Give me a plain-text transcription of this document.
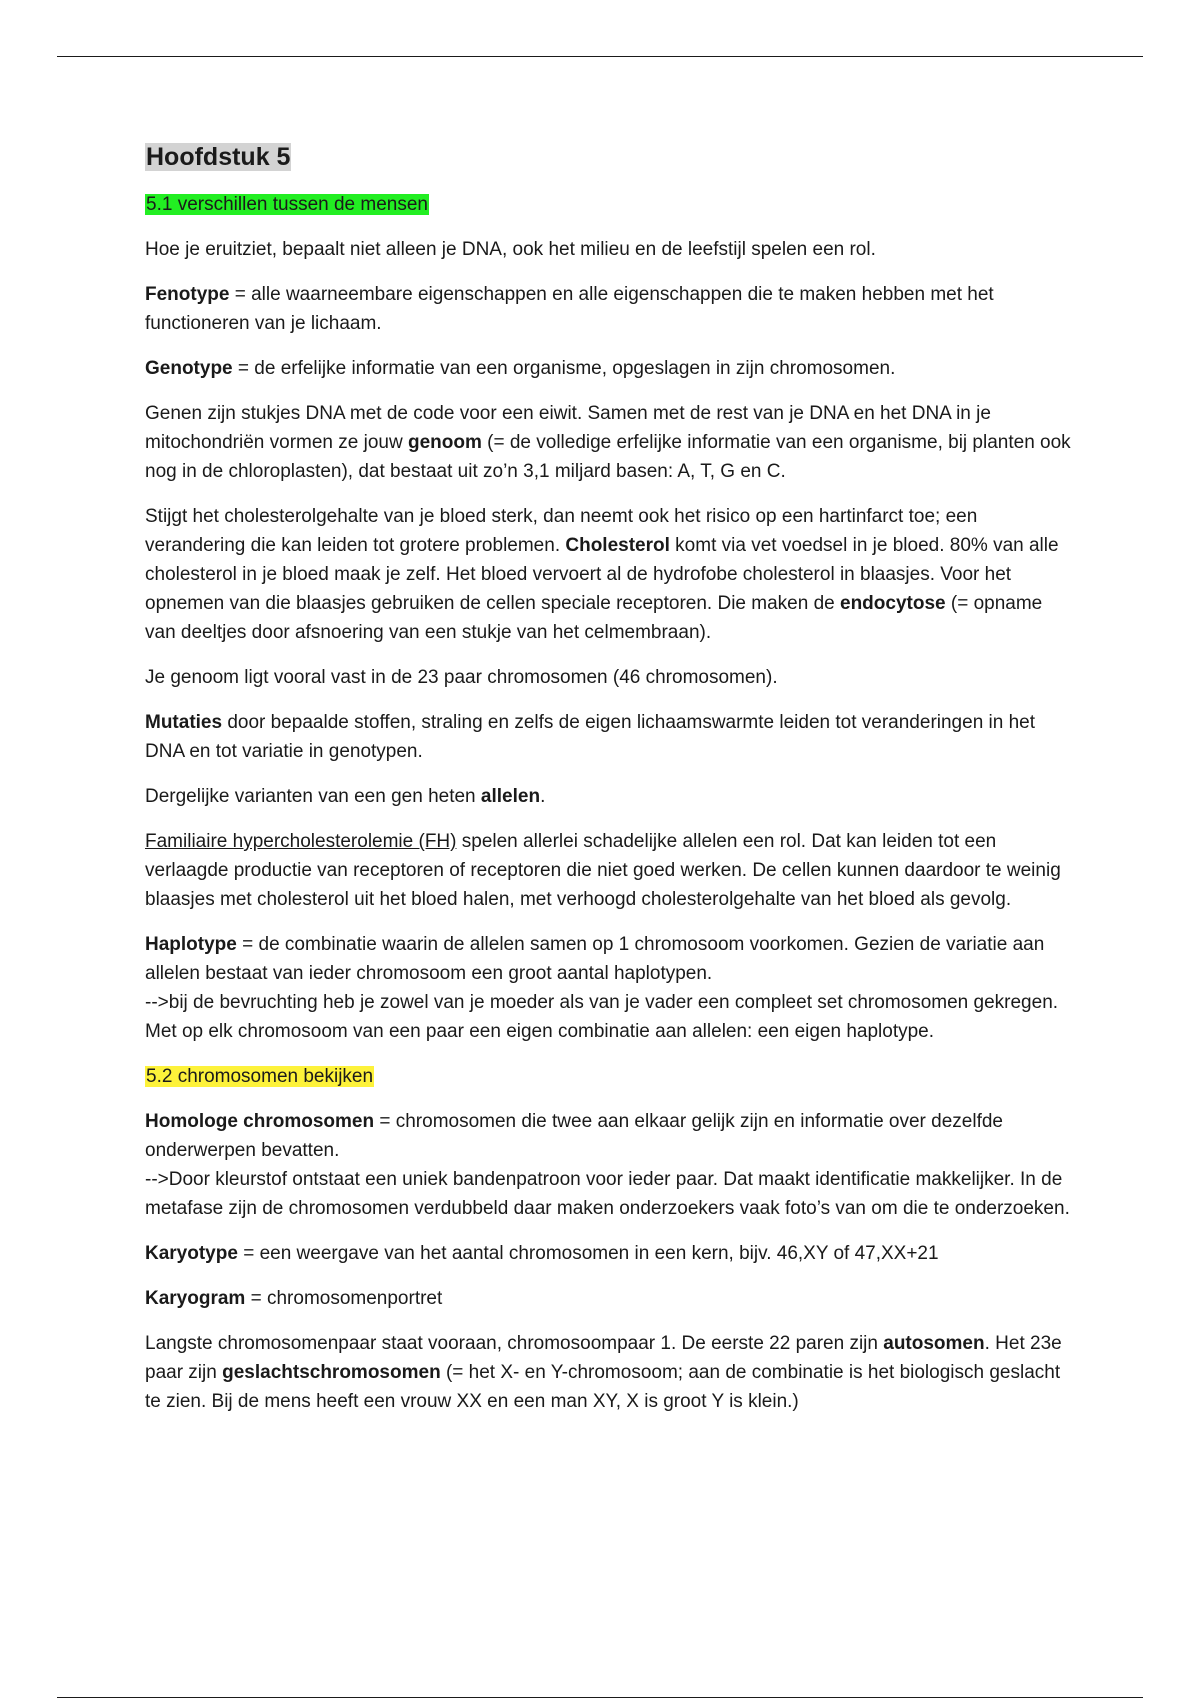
Hoofdstuk 5

5.1 verschillen tussen de mensen

Hoe je eruitziet, bepaalt niet alleen je DNA, ook het milieu en de leefstijl spelen een rol.

Fenotype = alle waarneembare eigenschappen en alle eigenschappen die te maken hebben met het functioneren van je lichaam.

Genotype = de erfelijke informatie van een organisme, opgeslagen in zijn chromosomen.

Genen zijn stukjes DNA met de code voor een eiwit. Samen met de rest van je DNA en het DNA in je mitochondriën vormen ze jouw genoom (= de volledige erfelijke informatie van een organisme, bij planten ook nog in de chloroplasten), dat bestaat uit zo’n 3,1 miljard basen: A, T, G en C.

Stijgt het cholesterolgehalte van je bloed sterk, dan neemt ook het risico op een hartinfarct toe; een verandering die kan leiden tot grotere problemen. Cholesterol komt via vet voedsel in je bloed. 80% van alle cholesterol in je bloed maak je zelf. Het bloed vervoert al de hydrofobe cholesterol in blaasjes. Voor het opnemen van die blaasjes gebruiken de cellen speciale receptoren. Die maken de endocytose (= opname van deeltjes door afsnoering van een stukje van het celmembraan).

Je genoom ligt vooral vast in de 23 paar chromosomen (46 chromosomen).

Mutaties door bepaalde stoffen, straling en zelfs de eigen lichaamswarmte leiden tot veranderingen in het DNA en tot variatie in genotypen.

Dergelijke varianten van een gen heten allelen.

Familiaire hypercholesterolemie (FH) spelen allerlei schadelijke allelen een rol. Dat kan leiden tot een verlaagde productie van receptoren of receptoren die niet goed werken. De cellen kunnen daardoor te weinig blaasjes met cholesterol uit het bloed halen, met verhoogd cholesterolgehalte van het bloed als gevolg.

Haplotype = de combinatie waarin de allelen samen op 1 chromosoom voorkomen. Gezien de variatie aan allelen bestaat van ieder chromosoom een groot aantal haplotypen.
-->bij de bevruchting heb je zowel van je moeder als van je vader een compleet set chromosomen gekregen. Met op elk chromosoom van een paar een eigen combinatie aan allelen: een eigen haplotype.

5.2 chromosomen bekijken

Homologe chromosomen = chromosomen die twee aan elkaar gelijk zijn en informatie over dezelfde onderwerpen bevatten.
-->Door kleurstof ontstaat een uniek bandenpatroon voor ieder paar. Dat maakt identificatie makkelijker. In de metafase zijn de chromosomen verdubbeld daar maken onderzoekers vaak foto’s van om die te onderzoeken.

Karyotype = een weergave van het aantal chromosomen in een kern, bijv. 46,XY of 47,XX+21

Karyogram = chromosomenportret

Langste chromosomenpaar staat vooraan, chromosoompaar 1. De eerste 22 paren zijn autosomen. Het 23e paar zijn geslachtschromosomen (= het X- en Y-chromosoom; aan de combinatie is het biologisch geslacht te zien. Bij de mens heeft een vrouw XX en een man XY, X is groot Y is klein.)
